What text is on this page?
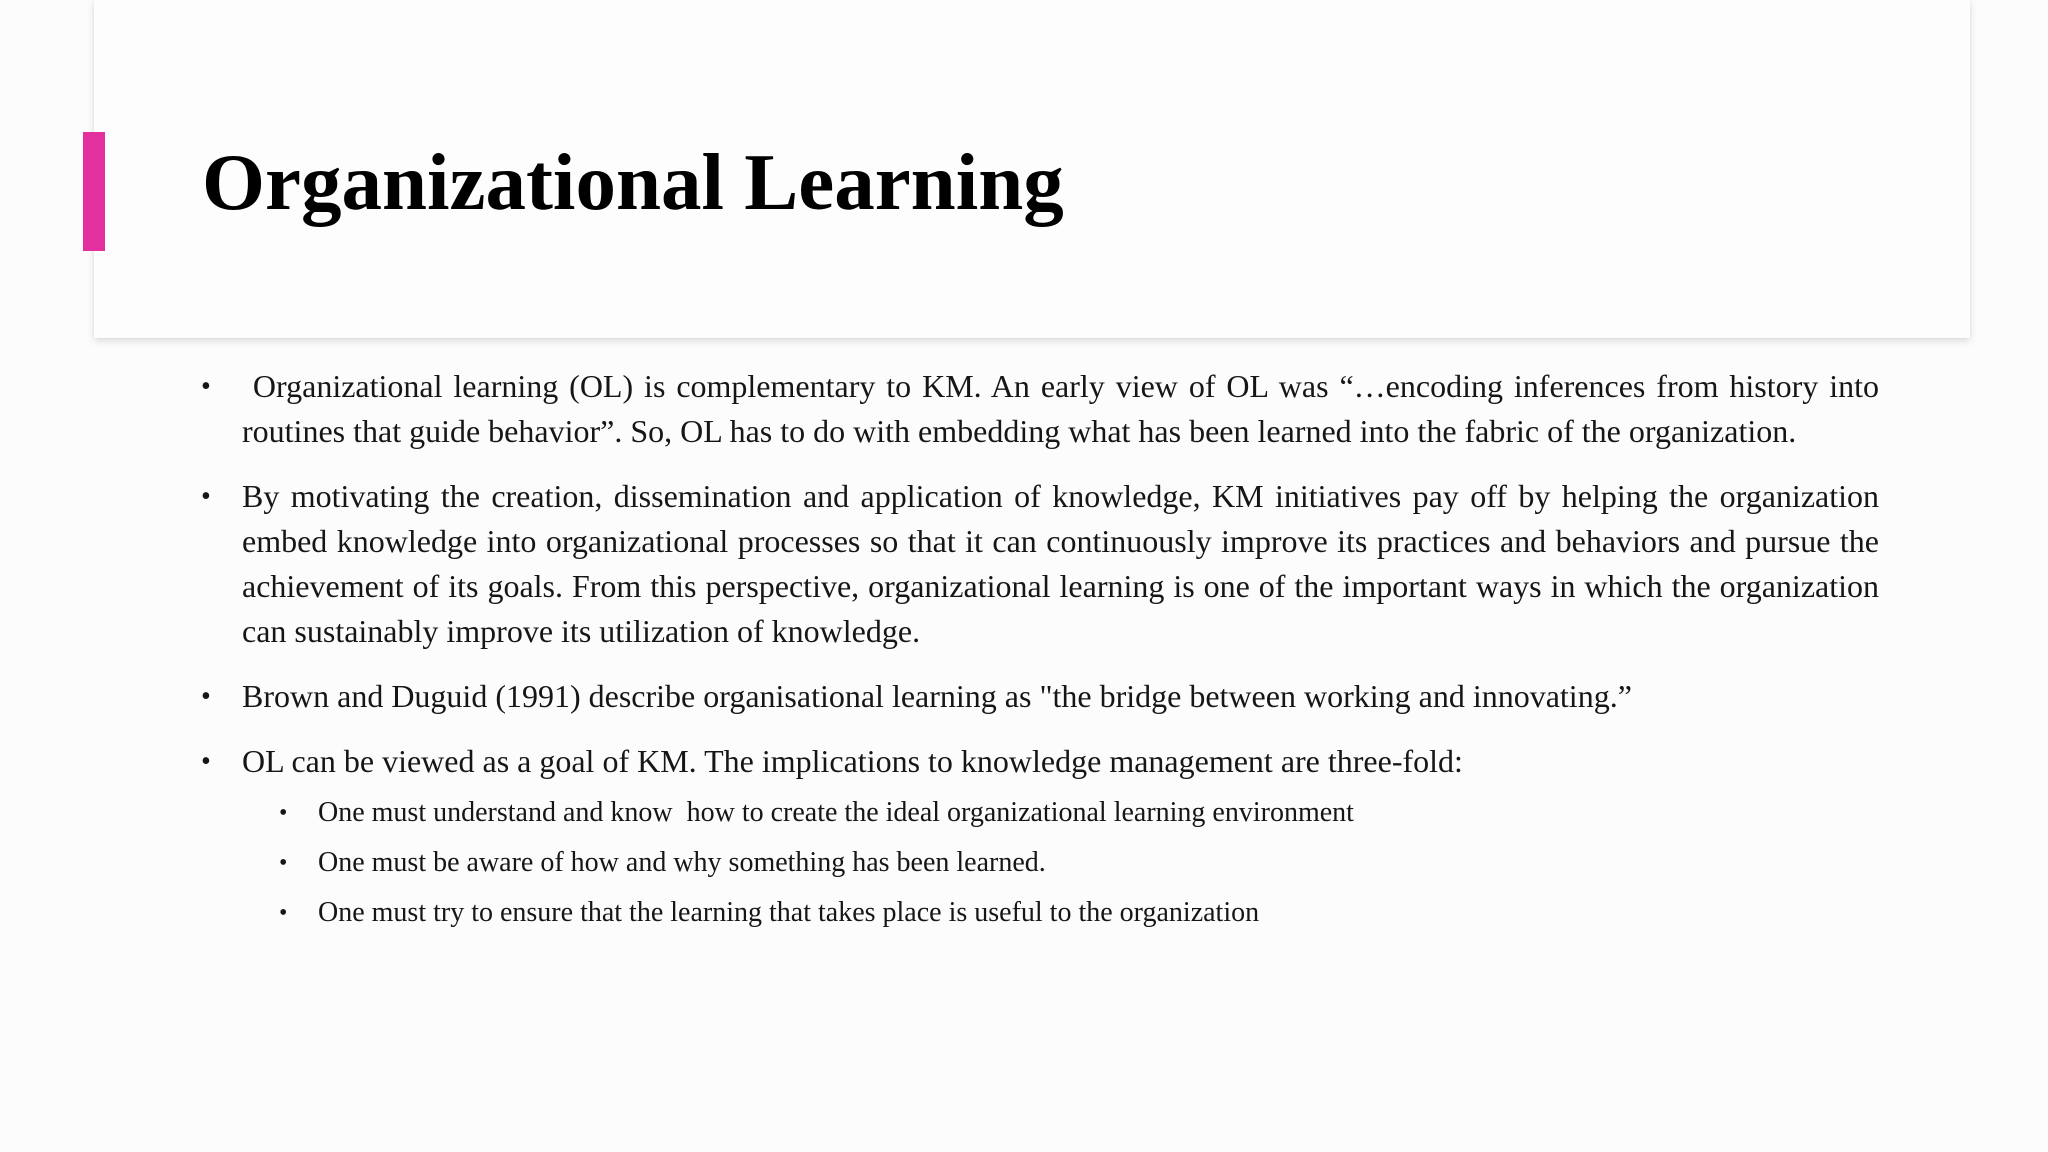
Organizational Learning
• Organizational learning (OL) is complementary to KM. An early view of OL was “…encoding inferences from history into routines that guide behavior”. So, OL has to do with embedding what has been learned into the fabric of the organization.
• By motivating the creation, dissemination and application of knowledge, KM initiatives pay off by helping the organization embed knowledge into organizational processes so that it can continuously improve its practices and behaviors and pursue the achievement of its goals. From this perspective, organizational learning is one of the important ways in which the organization can sustainably improve its utilization of knowledge.
• Brown and Duguid (1991) describe organisational learning as "the bridge between working and innovating.”
• OL can be viewed as a goal of KM. The implications to knowledge management are three-fold:
• One must understand and know  how to create the ideal organizational learning environment
• One must be aware of how and why something has been learned.
• One must try to ensure that the learning that takes place is useful to the organization
